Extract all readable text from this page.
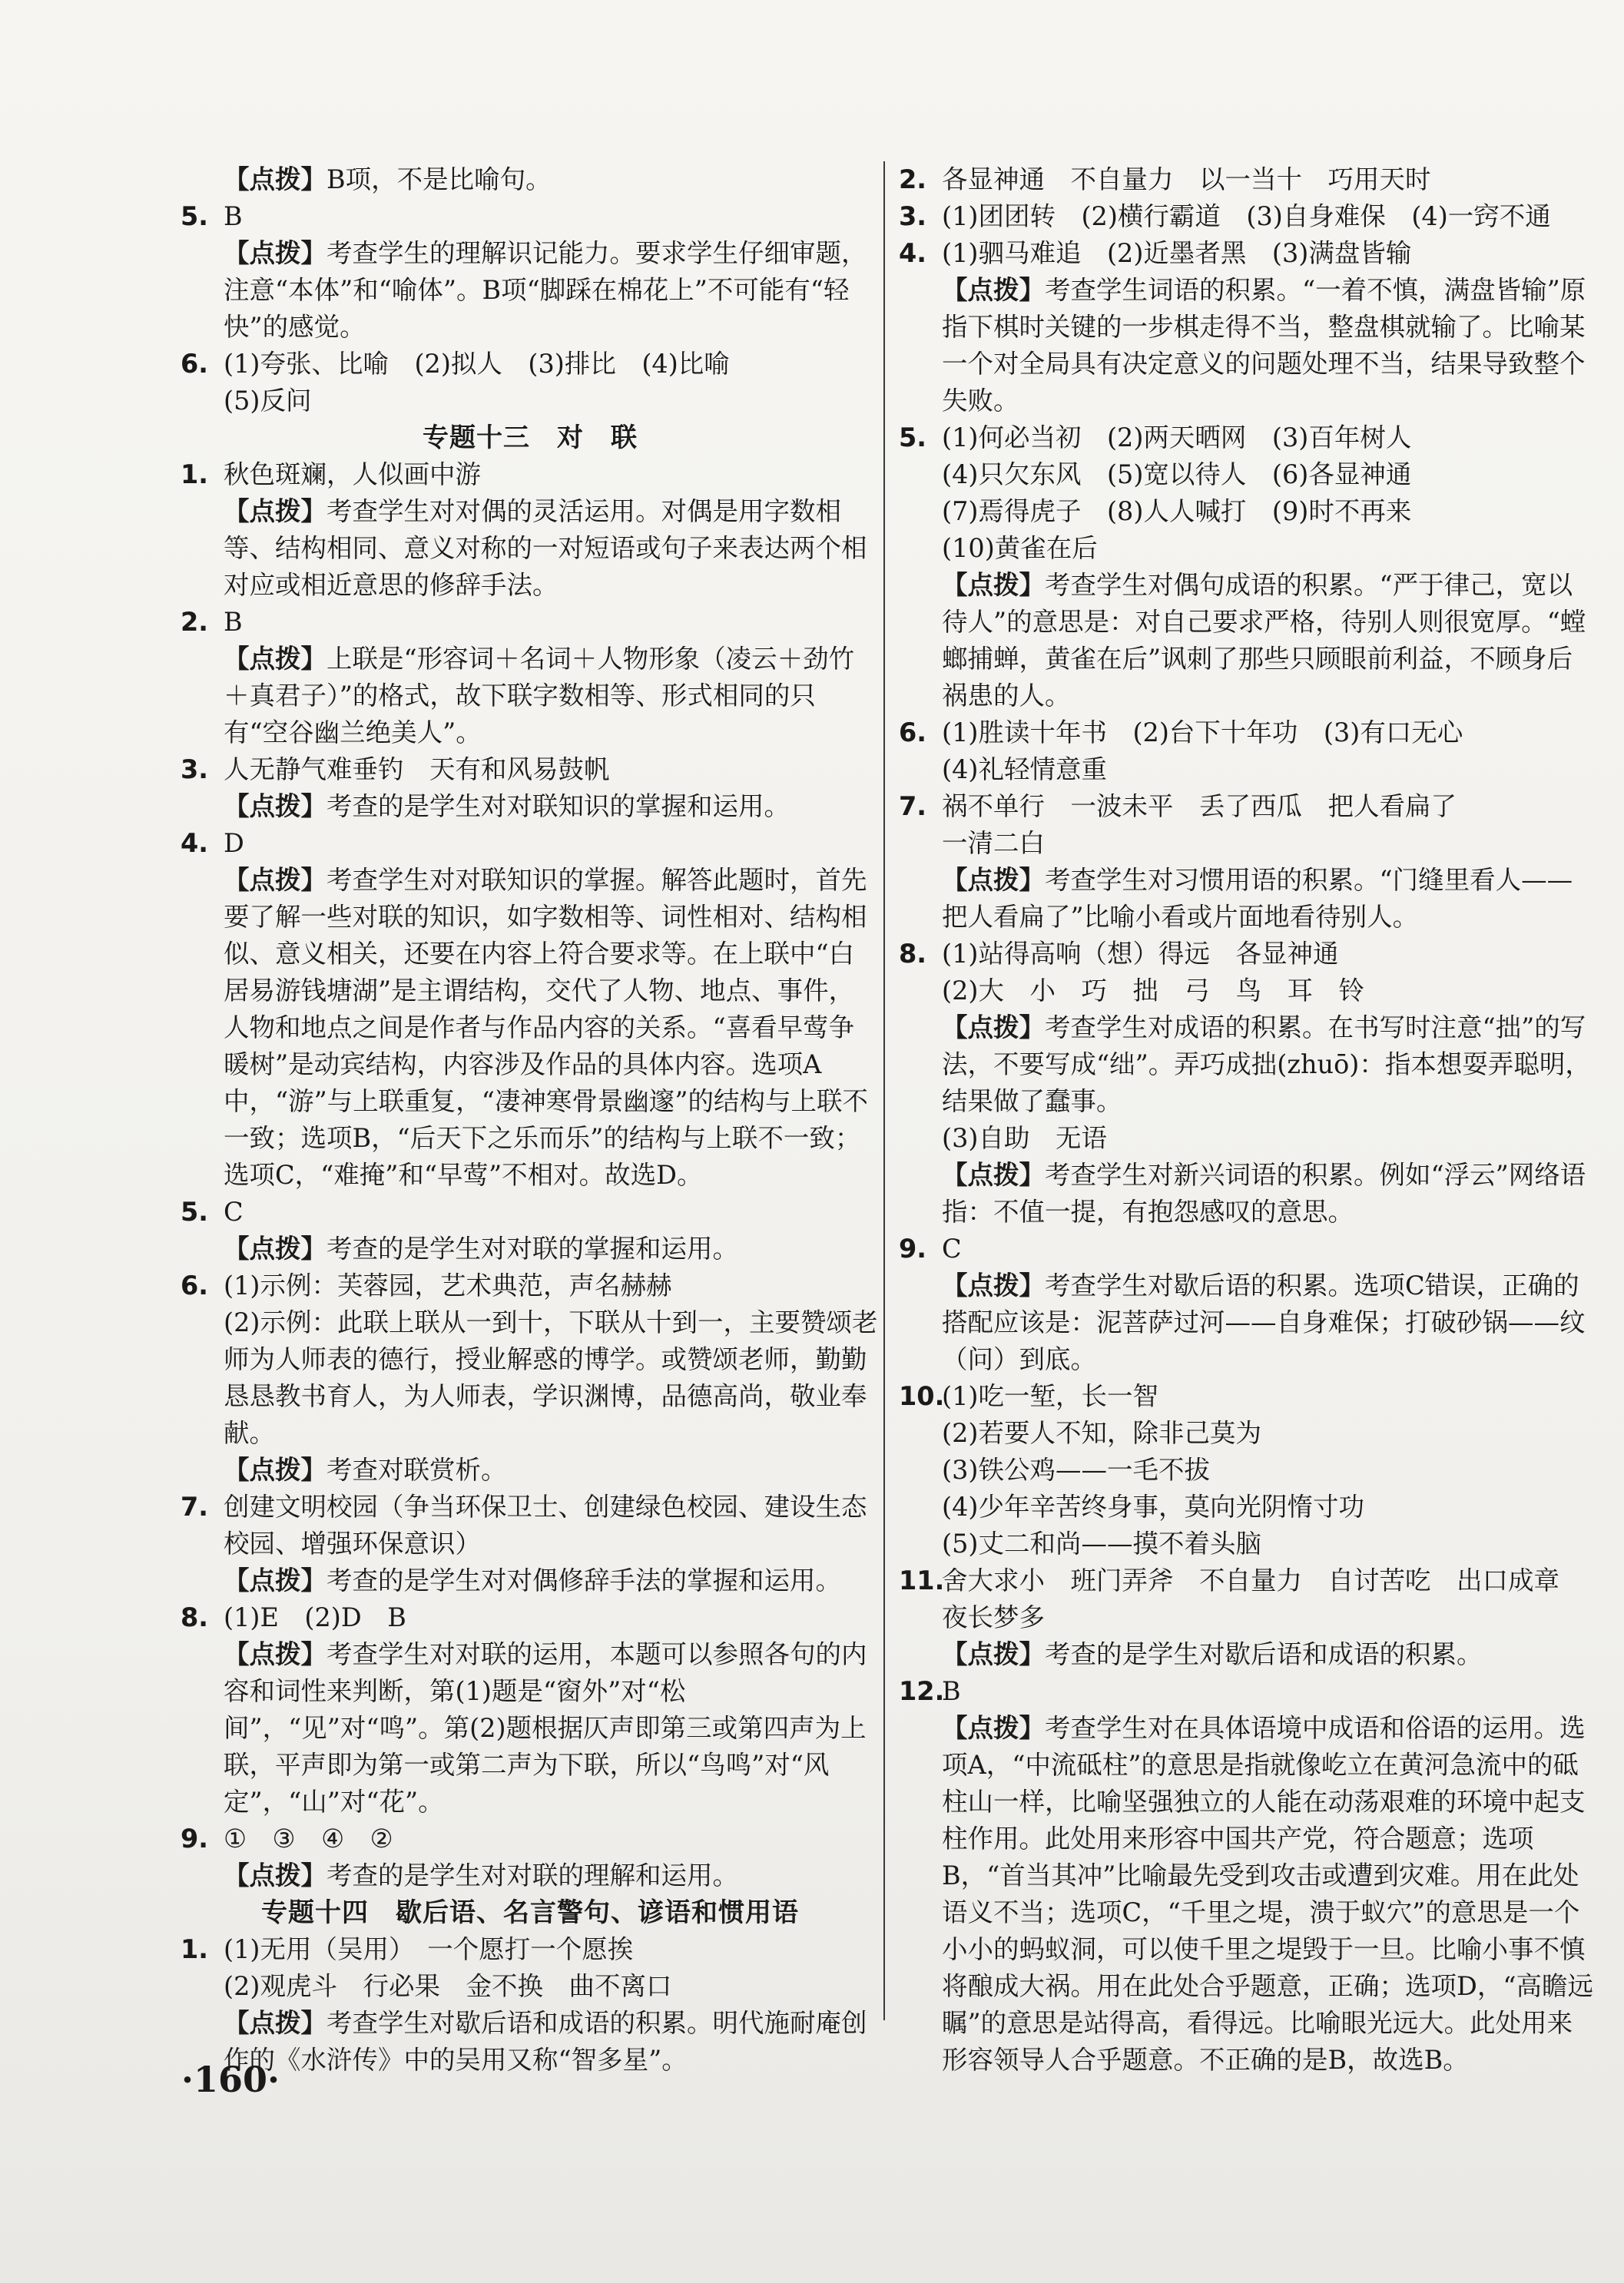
【点拨】B项，不是比喻句。
5. B
【点拨】考查学生的理解识记能力。要求学生仔细审题，注意“本体”和“喻体”。B项“脚踩在棉花上”不可能有“轻快”的感觉。
6. (1)夸张、比喻　(2)拟人　(3)排比　(4)比喻
(5)反问
专题十三　对　联
1. 秋色斑斓，人似画中游
【点拨】考查学生对对偶的灵活运用。对偶是用字数相等、结构相同、意义对称的一对短语或句子来表达两个相对应或相近意思的修辞手法。
2. B
【点拨】上联是“形容词＋名词＋人物形象（凌云＋劲竹＋真君子）”的格式，故下联字数相等、形式相同的只有“空谷幽兰绝美人”。
3. 人无静气难垂钓　天有和风易鼓帆
【点拨】考查的是学生对对联知识的掌握和运用。
4. D
【点拨】考查学生对对联知识的掌握。解答此题时，首先要了解一些对联的知识，如字数相等、词性相对、结构相似、意义相关，还要在内容上符合要求等。在上联中“白居易游钱塘湖”是主谓结构，交代了人物、地点、事件，人物和地点之间是作者与作品内容的关系。“喜看早莺争暖树”是动宾结构，内容涉及作品的具体内容。选项A中，“游”与上联重复，“凄神寒骨景幽邃”的结构与上联不一致；选项B，“后天下之乐而乐”的结构与上联不一致；选项C，“难掩”和“早莺”不相对。故选D。
5. C
【点拨】考查的是学生对对联的掌握和运用。
6. (1)示例：芙蓉园，艺术典范，声名赫赫
(2)示例：此联上联从一到十，下联从十到一，主要赞颂老师为人师表的德行，授业解惑的博学。或赞颂老师，勤勤恳恳教书育人，为人师表，学识渊博，品德高尚，敬业奉献。
【点拨】考查对联赏析。
7. 创建文明校园（争当环保卫士、创建绿色校园、建设生态校园、增强环保意识）
【点拨】考查的是学生对对偶修辞手法的掌握和运用。
8. (1)E　(2)D　B
【点拨】考查学生对对联的运用，本题可以参照各句的内容和词性来判断，第(1)题是“窗外”对“松间”，“见”对“鸣”。第(2)题根据仄声即第三或第四声为上联，平声即为第一或第二声为下联，所以“鸟鸣”对“风定”，“山”对“花”。
9. ①　③　④　②
【点拨】考查的是学生对对联的理解和运用。
专题十四　歇后语、名言警句、谚语和惯用语
1. (1)无用（吴用）　一个愿打一个愿挨
(2)观虎斗　行必果　金不换　曲不离口
【点拨】考查学生对歇后语和成语的积累。明代施耐庵创作的《水浒传》中的吴用又称“智多星”。
2. 各显神通　不自量力　以一当十　巧用天时
3. (1)团团转　(2)横行霸道　(3)自身难保　(4)一窍不通
4. (1)驷马难追　(2)近墨者黑　(3)满盘皆输
【点拨】考查学生词语的积累。“一着不慎，满盘皆输”原指下棋时关键的一步棋走得不当，整盘棋就输了。比喻某一个对全局具有决定意义的问题处理不当，结果导致整个失败。
5. (1)何必当初　(2)两天晒网　(3)百年树人
(4)只欠东风　(5)宽以待人　(6)各显神通
(7)焉得虎子　(8)人人喊打　(9)时不再来
(10)黄雀在后
【点拨】考查学生对偶句成语的积累。“严于律己，宽以待人”的意思是：对自己要求严格，待别人则很宽厚。“螳螂捕蝉，黄雀在后”讽刺了那些只顾眼前利益，不顾身后祸患的人。
6. (1)胜读十年书　(2)台下十年功　(3)有口无心
(4)礼轻情意重
7. 祸不单行　一波未平　丢了西瓜　把人看扁了
一清二白
【点拨】考查学生对习惯用语的积累。“门缝里看人——把人看扁了”比喻小看或片面地看待别人。
8. (1)站得高响（想）得远　各显神通
(2)大　小　巧　拙　弓　鸟　耳　铃
【点拨】考查学生对成语的积累。在书写时注意“拙”的写法，不要写成“绌”。弄巧成拙(zhuō)：指本想耍弄聪明，结果做了蠢事。
(3)自助　无语
【点拨】考查学生对新兴词语的积累。例如“浮云”网络语指：不值一提，有抱怨感叹的意思。
9. C
【点拨】考查学生对歇后语的积累。选项C错误，正确的搭配应该是：泥菩萨过河——自身难保；打破砂锅——纹（问）到底。
10.
(1)吃一堑，长一智
(2)若要人不知，除非己莫为
(3)铁公鸡——一毛不拔
(4)少年辛苦终身事，莫向光阴惰寸功
(5)丈二和尚——摸不着头脑
11.
舍大求小　班门弄斧　不自量力　自讨苦吃　出口成章　夜长梦多
【点拨】考查的是学生对歇后语和成语的积累。
12.
B
【点拨】考查学生对在具体语境中成语和俗语的运用。选项A，“中流砥柱”的意思是指就像屹立在黄河急流中的砥柱山一样，比喻坚强独立的人能在动荡艰难的环境中起支柱作用。此处用来形容中国共产党，符合题意；选项B，“首当其冲”比喻最先受到攻击或遭到灾难。用在此处语义不当；选项C，“千里之堤，溃于蚁穴”的意思是一个小小的蚂蚁洞，可以使千里之堤毁于一旦。比喻小事不慎将酿成大祸。用在此处合乎题意，正确；选项D，“高瞻远瞩”的意思是站得高，看得远。比喻眼光远大。此处用来形容领导人合乎题意。不正确的是B，故选B。
·160·
